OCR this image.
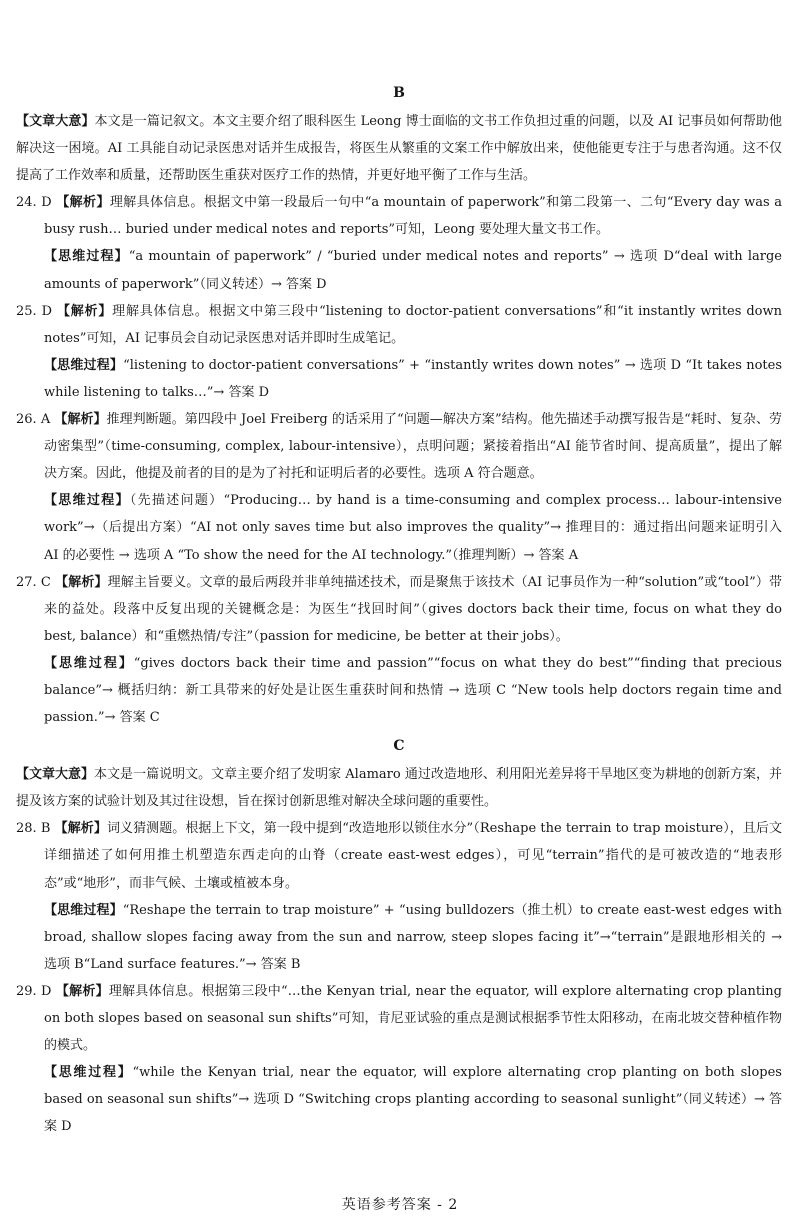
B

【文章大意】本文是一篇记叙文。本文主要介绍了眼科医生 Leong 博士面临的文书工作负担过重的问题，以及 AI 记事员如何帮助他解决这一困境。AI 工具能自动记录医患对话并生成报告，将医生从繁重的文案工作中解放出来，使他能更专注于与患者沟通。这不仅提高了工作效率和质量，还帮助医生重获对医疗工作的热情，并更好地平衡了工作与生活。

24. D 【解析】理解具体信息。根据文中第一段最后一句中“a mountain of paperwork”和第二段第一、二句“Every day was a busy rush… buried under medical notes and reports”可知，Leong 要处理大量文书工作。

【思维过程】“a mountain of paperwork” / “buried under medical notes and reports” → 选项 D“deal with large amounts of paperwork”（同义转述）→ 答案 D

25. D 【解析】理解具体信息。根据文中第三段中“listening to doctor-patient conversations”和“it instantly writes down notes”可知，AI 记事员会自动记录医患对话并即时生成笔记。

【思维过程】“listening to doctor-patient conversations” + “instantly writes down notes” → 选项 D “It takes notes while listening to talks…”→ 答案 D

26. A 【解析】推理判断题。第四段中 Joel Freiberg 的话采用了“问题—解决方案”结构。他先描述手动撰写报告是“耗时、复杂、劳动密集型”（time-consuming, complex, labour-intensive），点明问题；紧接着指出“AI 能节省时间、提高质量”，提出了解决方案。因此，他提及前者的目的是为了衬托和证明后者的必要性。选项 A 符合题意。

【思维过程】（先描述问题）“Producing… by hand is a time-consuming and complex process… labour-intensive work”→（后提出方案）“AI not only saves time but also improves the quality”→ 推理目的：通过指出问题来证明引入 AI 的必要性 → 选项 A “To show the need for the AI technology.”（推理判断）→ 答案 A

27. C 【解析】理解主旨要义。文章的最后两段并非单纯描述技术，而是聚焦于该技术（AI 记事员作为一种“solution”或“tool”）带来的益处。段落中反复出现的关键概念是：为医生“找回时间”（gives doctors back their time, focus on what they do best, balance）和“重燃热情/专注”（passion for medicine, be better at their jobs）。

【思维过程】“gives doctors back their time and passion”“focus on what they do best”“finding that precious balance”→ 概括归纳：新工具带来的好处是让医生重获时间和热情 → 选项 C “New tools help doctors regain time and passion.”→ 答案 C

C

【文章大意】本文是一篇说明文。文章主要介绍了发明家 Alamaro 通过改造地形、利用阳光差异将干旱地区变为耕地的创新方案，并提及该方案的试验计划及其过往设想，旨在探讨创新思维对解决全球问题的重要性。

28. B 【解析】词义猜测题。根据上下文，第一段中提到“改造地形以锁住水分”（Reshape the terrain to trap moisture），且后文详细描述了如何用推土机塑造东西走向的山脊（create east-west edges），可见“terrain”指代的是可被改造的“地表形态”或“地形”，而非气候、土壤或植被本身。

【思维过程】“Reshape the terrain to trap moisture” + “using bulldozers（推土机）to create east-west edges with broad, shallow slopes facing away from the sun and narrow, steep slopes facing it”→“terrain”是跟地形相关的 → 选项 B“Land surface features.”→ 答案 B

29. D 【解析】理解具体信息。根据第三段中“…the Kenyan trial, near the equator, will explore alternating crop planting on both slopes based on seasonal sun shifts”可知，肯尼亚试验的重点是测试根据季节性太阳移动，在南北坡交替种植作物的模式。

【思维过程】“while the Kenyan trial, near the equator, will explore alternating crop planting on both slopes based on seasonal sun shifts”→ 选项 D “Switching crops planting according to seasonal sunlight”（同义转述）→ 答案 D

英语参考答案 - 2
